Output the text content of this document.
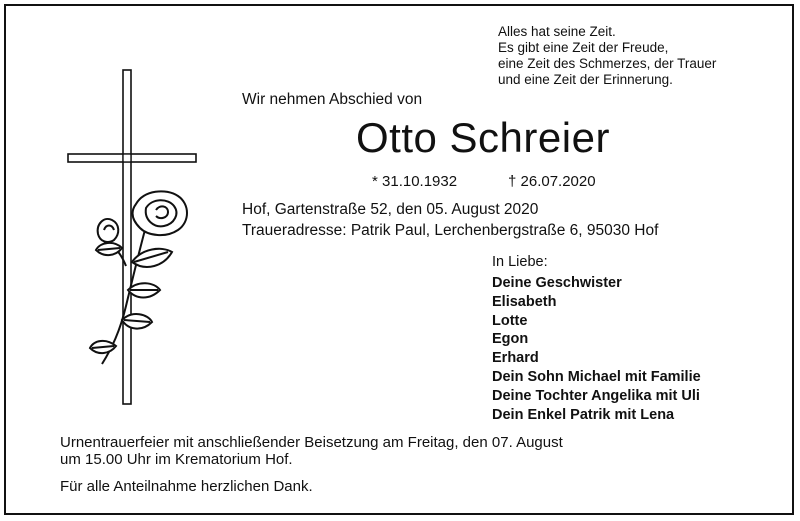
Alles hat seine Zeit.
Es gibt eine Zeit der Freude,
eine Zeit des Schmerzes, der Trauer
und eine Zeit der Erinnerung.
Wir nehmen Abschied von
Otto Schreier
* 31.10.1932	† 26.07.2020
Hof, Gartenstraße 52, den 05. August 2020
Traueradresse: Patrik Paul, Lerchenbergstraße 6, 95030 Hof
In Liebe:
Deine Geschwister
Elisabeth
Lotte
Egon
Erhard
Dein Sohn Michael mit Familie
Deine Tochter Angelika mit Uli
Dein Enkel Patrik mit Lena
Urnentrauerfeier mit anschließender Beisetzung am Freitag, den 07. August
um 15.00 Uhr im Krematorium Hof.
Für alle Anteilnahme herzlichen Dank.
